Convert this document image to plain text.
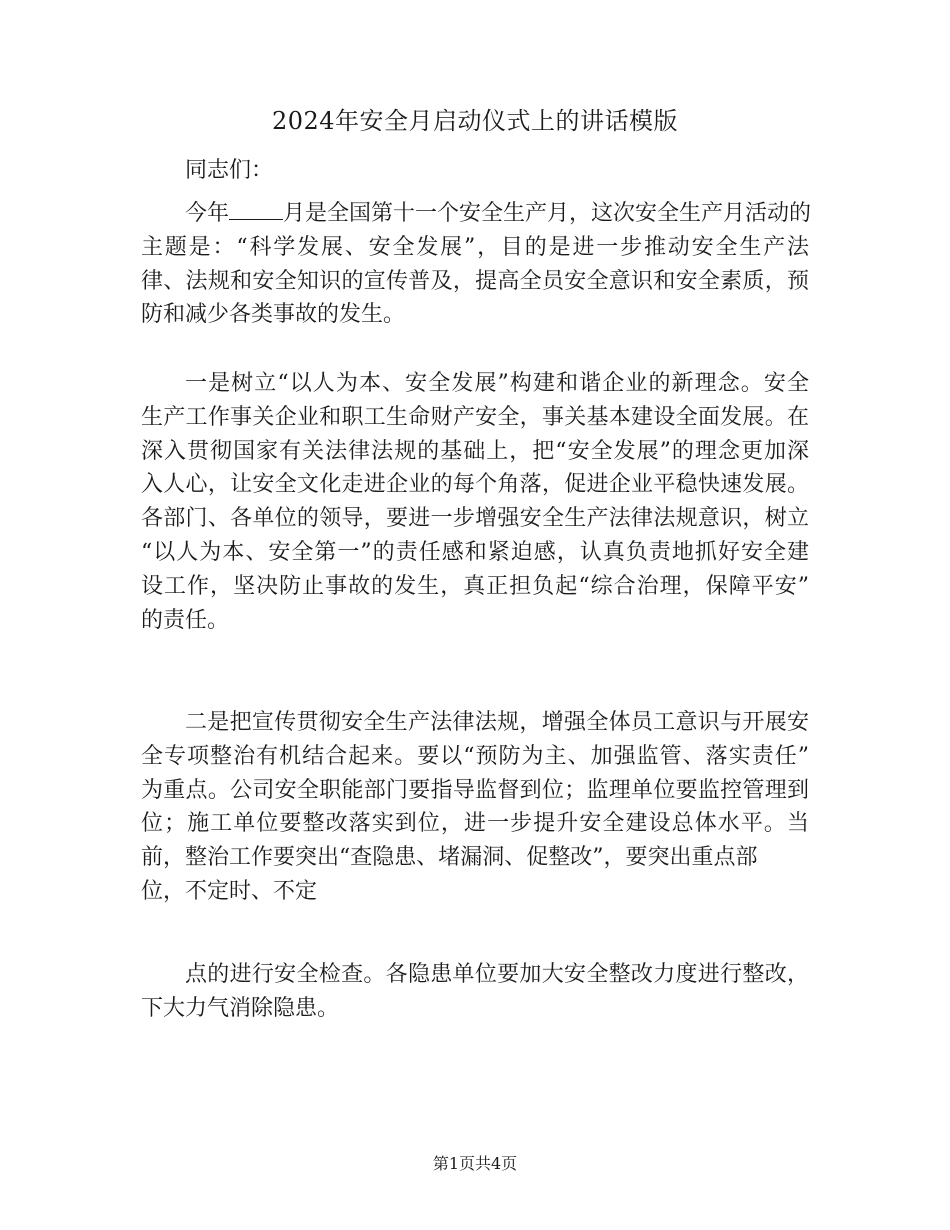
2024年安全月启动仪式上的讲话模版
同志们：
今年 月是全国第十一个安全生产月，这次安全生产月活动的
主题是：“科学发展、安全发展”，目的是进一步推动安全生产法
律、法规和安全知识的宣传普及，提高全员安全意识和安全素质，预
防和减少各类事故的发生。
一是树立“以人为本、安全发展”构建和谐企业的新理念。安全
生产工作事关企业和职工生命财产安全，事关基本建设全面发展。在
深入贯彻国家有关法律法规的基础上，把“安全发展”的理念更加深
入人心，让安全文化走进企业的每个角落，促进企业平稳快速发展。
各部门、各单位的领导，要进一步增强安全生产法律法规意识，树立
“以人为本、安全第一”的责任感和紧迫感，认真负责地抓好安全建
设工作，坚决防止事故的发生，真正担负起“综合治理，保障平安”
的责任。
二是把宣传贯彻安全生产法律法规，增强全体员工意识与开展安
全专项整治有机结合起来。要以“预防为主、加强监管、落实责任”
为重点。公司安全职能部门要指导监督到位；监理单位要监控管理到
位；施工单位要整改落实到位，进一步提升安全建设总体水平。当
前，整治工作要突出“查隐患、堵漏洞、促整改”，要突出重点部
位，不定时、不定
点的进行安全检查。各隐患单位要加大安全整改力度进行整改，
下大力气消除隐患。
第1页共4页
